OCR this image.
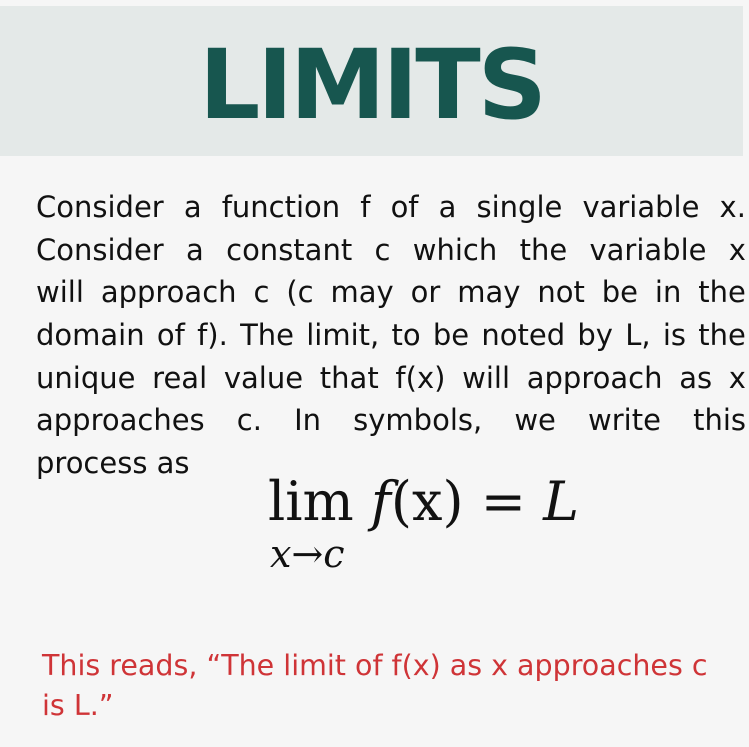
LIMITS
Consider a function f of a single variable x.
Consider a constant c which the variable x
will approach c (c may or may not be in the
domain of f). The limit, to be noted by L, is the
unique real value that f(x) will approach as x
approaches c. In symbols, we write this
process as
lim f(x) = L
x→c
This reads, “The limit of f(x) as x approaches c
is L.”
